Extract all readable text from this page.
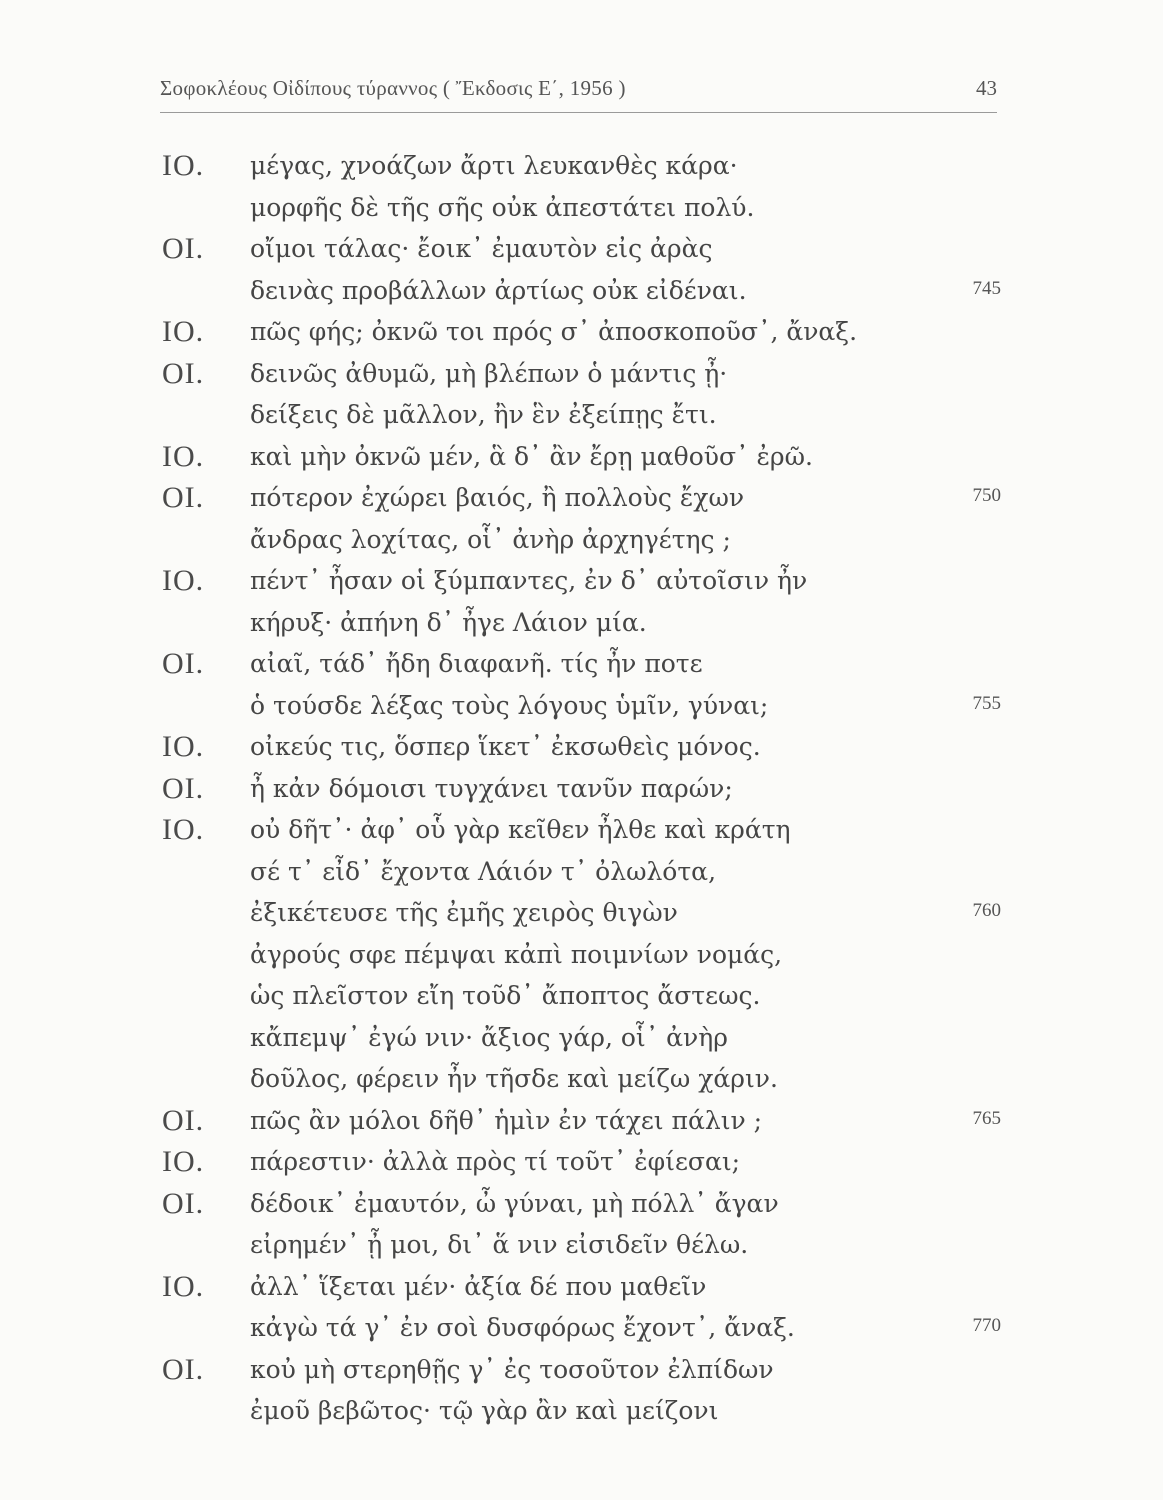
Σοφοκλέους Οἰδίπους τύραννος ( Ἔκδοσις Ε΄, 1956 )	43
ΙΟ. μέγας, χνοάζων ἄρτι λευκανθὲς κάρα·
μορφῆς δὲ τῆς σῆς οὐκ ἀπεστάτει πολύ.
ΟΙ. οἴμοι τάλας· ἔοικ᾽ ἐμαυτὸν εἰς ἀρὰς
δεινὰς προβάλλων ἀρτίως οὐκ εἰδέναι.	745
ΙΟ. πῶς φής; ὀκνῶ τοι πρός σ᾽ ἀποσκοποῦσ᾽, ἄναξ.
ΟΙ. δεινῶς ἀθυμῶ, μὴ βλέπων ὁ μάντις ᾖ·
δείξεις δὲ μᾶλλον, ἢν ἓν ἐξείπῃς ἔτι.
ΙΟ. καὶ μὴν ὀκνῶ μέν, ἃ δ᾽ ἂν ἔρῃ μαθοῦσ᾽ ἐρῶ.
ΟΙ. πότερον ἐχώρει βαιός, ἢ πολλοὺς ἔχων	750
ἄνδρας λοχίτας, οἷ᾽ ἀνὴρ ἀρχηγέτης ;
ΙΟ. πέντ᾽ ἦσαν οἱ ξύμπαντες, ἐν δ᾽ αὐτοῖσιν ἦν
κήρυξ· ἀπήνη δ᾽ ἦγε Λάιον μία.
ΟΙ. αἰαῖ, τάδ᾽ ἤδη διαφανῆ. τίς ἦν ποτε
ὁ τούσδε λέξας τοὺς λόγους ὑμῖν, γύναι;	755
ΙΟ. οἰκεύς τις, ὅσπερ ἵκετ᾽ ἐκσωθεὶς μόνος.
ΟΙ. ἦ κἀν δόμοισι τυγχάνει τανῦν παρών;
ΙΟ. οὐ δῆτ᾽· ἀφ᾽ οὗ γὰρ κεῖθεν ἦλθε καὶ κράτη
σέ τ᾽ εἶδ᾽ ἔχοντα Λάιόν τ᾽ ὀλωλότα,
ἐξικέτευσε τῆς ἐμῆς χειρὸς θιγὼν	760
ἀγρούς σφε πέμψαι κἀπὶ ποιμνίων νομάς,
ὡς πλεῖστον εἴη τοῦδ᾽ ἄποπτος ἄστεως.
κἄπεμψ᾽ ἐγώ νιν· ἄξιος γάρ, οἷ᾽ ἀνὴρ
δοῦλος, φέρειν ἦν τῆσδε καὶ μείζω χάριν.
ΟΙ. πῶς ἂν μόλοι δῆθ᾽ ἡμὶν ἐν τάχει πάλιν ;	765
ΙΟ. πάρεστιν· ἀλλὰ πρὸς τί τοῦτ᾽ ἐφίεσαι;
ΟΙ. δέδοικ᾽ ἐμαυτόν, ὦ γύναι, μὴ πόλλ᾽ ἄγαν
εἰρημέν᾽ ᾖ μοι, δι᾽ ἅ νιν εἰσιδεῖν θέλω.
ΙΟ. ἀλλ᾽ ἵξεται μέν· ἀξία δέ που μαθεῖν
κἀγὼ τά γ᾽ ἐν σοὶ δυσφόρως ἔχοντ᾽, ἄναξ.	770
ΟΙ. κοὐ μὴ στερηθῇς γ᾽ ἐς τοσοῦτον ἐλπίδων
ἐμοῦ βεβῶτος· τῷ γὰρ ἂν καὶ μείζονι
